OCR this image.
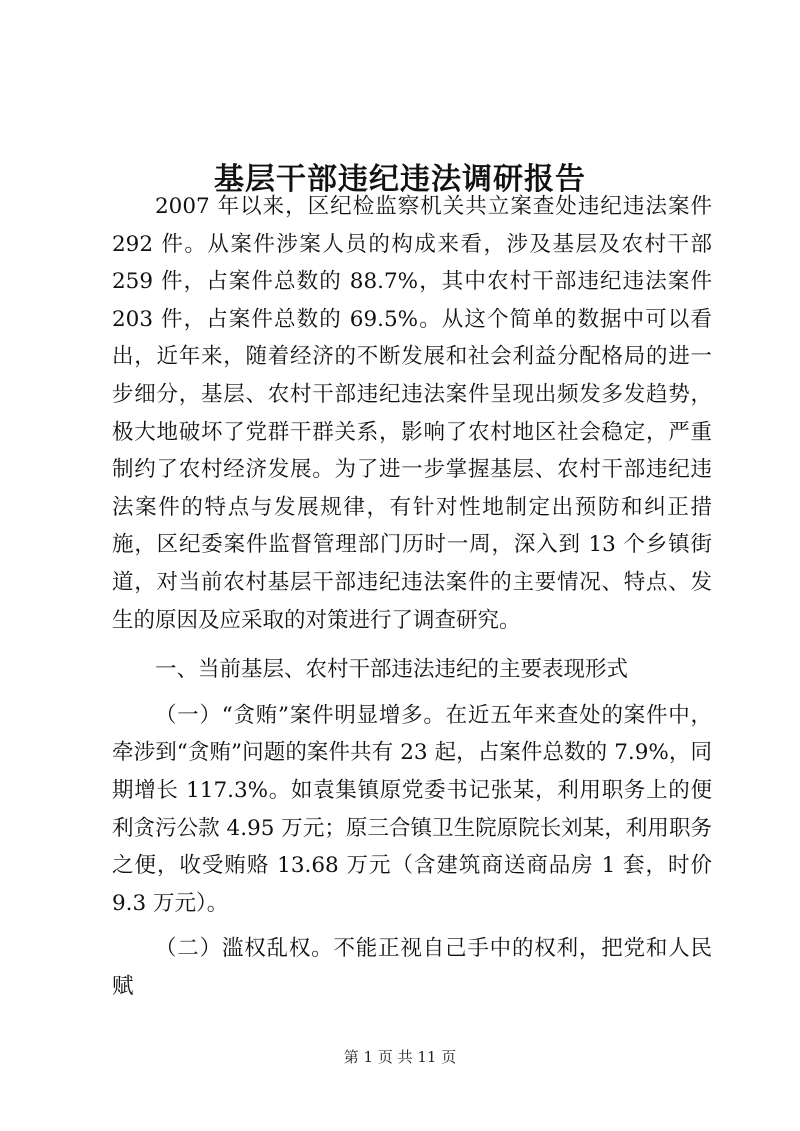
基层干部违纪违法调研报告

2007 年以来，区纪检监察机关共立案查处违纪违法案件 292 件。从案件涉案人员的构成来看，涉及基层及农村干部 259 件，占案件总数的 88.7%，其中农村干部违纪违法案件 203 件，占案件总数的 69.5%。从这个简单的数据中可以看出，近年来，随着经济的不断发展和社会利益分配格局的进一步细分，基层、农村干部违纪违法案件呈现出频发多发趋势，极大地破坏了党群干群关系，影响了农村地区社会稳定，严重制约了农村经济发展。为了进一步掌握基层、农村干部违纪违法案件的特点与发展规律，有针对性地制定出预防和纠正措施，区纪委案件监督管理部门历时一周，深入到 13 个乡镇街道，对当前农村基层干部违纪违法案件的主要情况、特点、发生的原因及应采取的对策进行了调查研究。

一、当前基层、农村干部违法违纪的主要表现形式

（一）“贪贿”案件明显增多。在近五年来查处的案件中，牵涉到“贪贿”问题的案件共有 23 起，占案件总数的 7.9%，同期增长 117.3%。如袁集镇原党委书记张某，利用职务上的便利贪污公款 4.95 万元；原三合镇卫生院原院长刘某，利用职务之便，收受贿赂 13.68 万元（含建筑商送商品房 1 套，时价 9.3 万元）。

（二）滥权乱权。不能正视自己手中的权利，把党和人民赋

第 1 页 共 11 页
